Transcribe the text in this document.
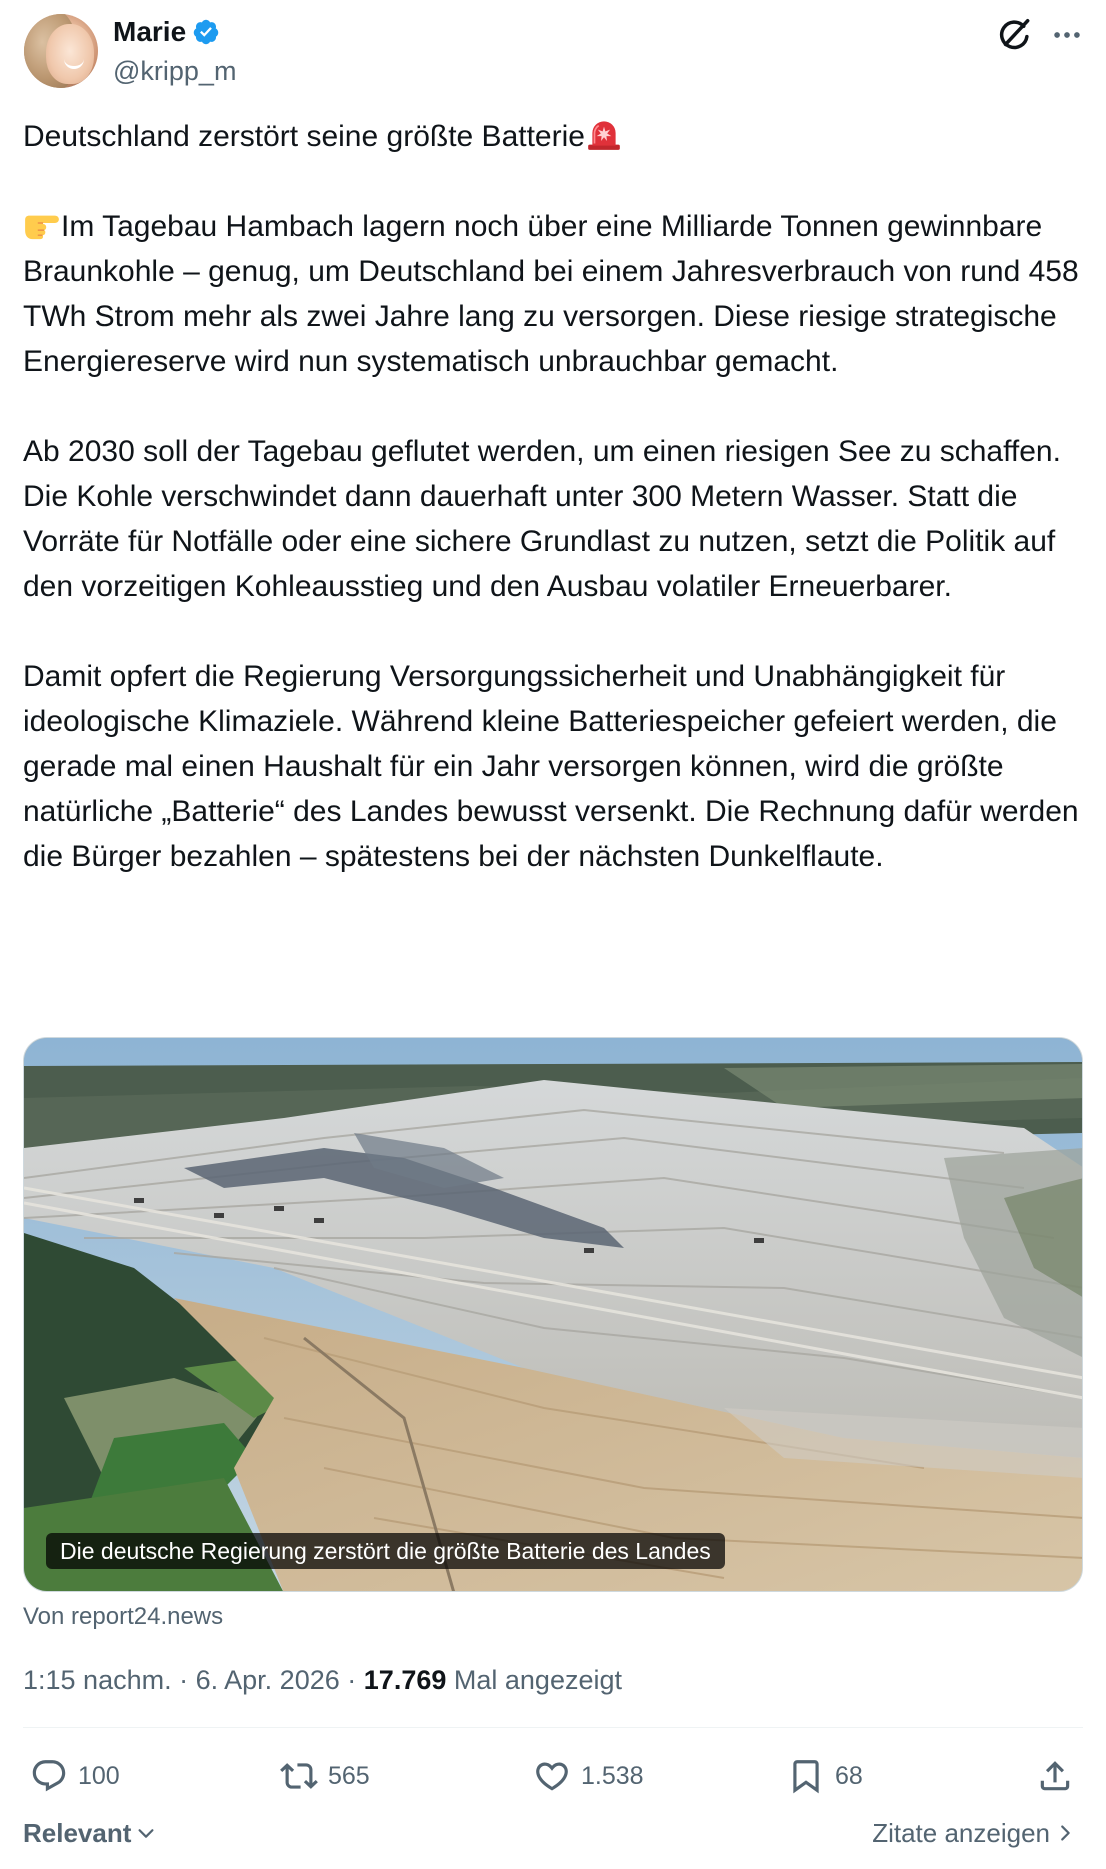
Marie
@kripp_m

Deutschland zerstört seine größte Batterie

Im Tagebau Hambach lagern noch über eine Milliarde Tonnen gewinnbare Braunkohle – genug, um Deutschland bei einem Jahresverbrauch von rund 458 TWh Strom mehr als zwei Jahre lang zu versorgen. Diese riesige strategische Energiereserve wird nun systematisch unbrauchbar gemacht.

Ab 2030 soll der Tagebau geflutet werden, um einen riesigen See zu schaffen. Die Kohle verschwindet dann dauerhaft unter 300 Metern Wasser. Statt die Vorräte für Notfälle oder eine sichere Grundlast zu nutzen, setzt die Politik auf den vorzeitigen Kohleausstieg und den Ausbau volatiler Erneuerbarer.

Damit opfert die Regierung Versorgungssicherheit und Unabhängigkeit für ideologische Klimaziele. Während kleine Batteriespeicher gefeiert werden, die gerade mal einen Haushalt für ein Jahr versorgen können, wird die größte natürliche „Batterie“ des Landes bewusst versenkt. Die Rechnung dafür werden die Bürger bezahlen – spätestens bei der nächsten Dunkelflaute.

Die deutsche Regierung zerstört die größte Batterie des Landes
Von report24.news
1:15 nachm. · 6. Apr. 2026 · 17.769 Mal angezeigt
100	565	1.538	68
Relevant	Zitate anzeigen
